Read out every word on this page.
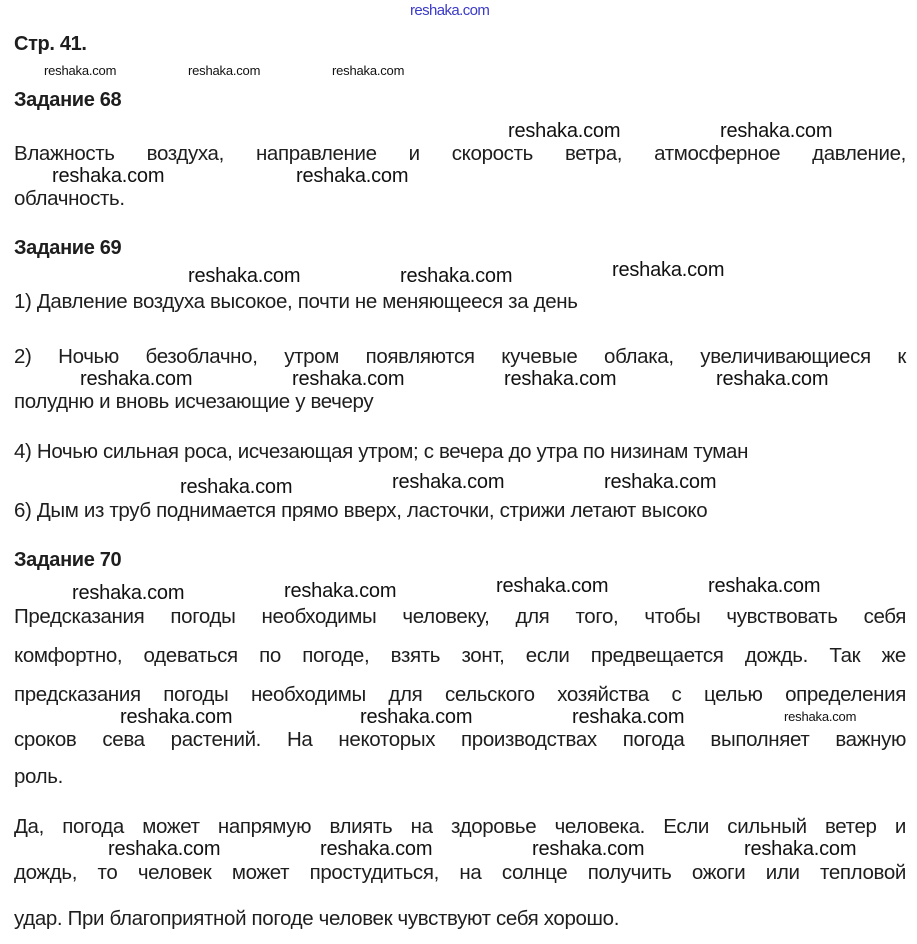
reshaka.com
Стр. 41.
reshaka.com	reshaka.com	reshaka.com
Задание 68
reshaka.com	reshaka.com
Влажность воздуха, направление и скорость ветра, атмосферное давление,
reshaka.com	reshaka.com
облачность.
Задание 69
reshaka.com
reshaka.com	reshaka.com
1) Давление воздуха высокое, почти не меняющееся за день
2) Ночью безоблачно, утром появляются кучевые облака, увеличивающиеся к
reshaka.com	reshaka.com	reshaka.com	reshaka.com
полудню и вновь исчезающие у вечеру
4) Ночью сильная роса, исчезающая утром; с вечера до утра по низинам туман
reshaka.com	reshaka.com
reshaka.com
6) Дым из труб поднимается прямо вверх, ласточки, стрижи летают высоко
Задание 70
reshaka.com	reshaka.com
reshaka.com
reshaka.com
Предсказания погоды необходимы человеку, для того, чтобы чувствовать себя
комфортно, одеваться по погоде, взять зонт, если предвещается дождь. Так же
предсказания погоды необходимы для сельского хозяйства с целью определения
reshaka.com
reshaka.com	reshaka.com	reshaka.com
сроков сева растений. На некоторых производствах погода выполняет важную
роль.
Да, погода может напрямую влиять на здоровье человека. Если сильный ветер и
reshaka.com	reshaka.com	reshaka.com
reshaka.com
дождь, то человек может простудиться, на солнце получить ожоги или тепловой
удар. При благоприятной погоде человек чувствуют себя хорошо.
